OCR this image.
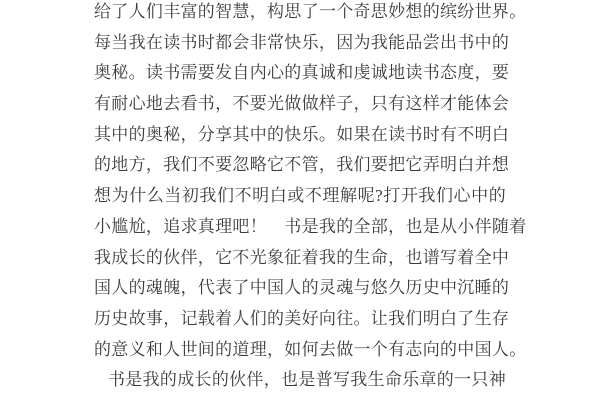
给了人们丰富的智慧，构思了一个奇思妙想的缤纷世界。
每当我在读书时都会非常快乐，因为我能品尝出书中的
奥秘。读书需要发自内心的真诚和虔诚地读书态度，要
有耐心地去看书，不要光做做样子，只有这样才能体会
其中的奥秘，分享其中的快乐。如果在读书时有不明白
的地方，我们不要忽略它不管，我们要把它弄明白并想
想为什么当初我们不明白或不理解呢?打开我们心中的
小尴尬，追求真理吧！　书是我的全部，也是从小伴随着
我成长的伙伴，它不光象征着我的生命，也谱写着全中
国人的魂魄，代表了中国人的灵魂与悠久历史中沉睡的
历史故事，记载着人们的美好向往。让我们明白了生存
的意义和人世间的道理，如何去做一个有志向的中国人。
书是我的成长的伙伴，也是普写我生命乐章的一只神
